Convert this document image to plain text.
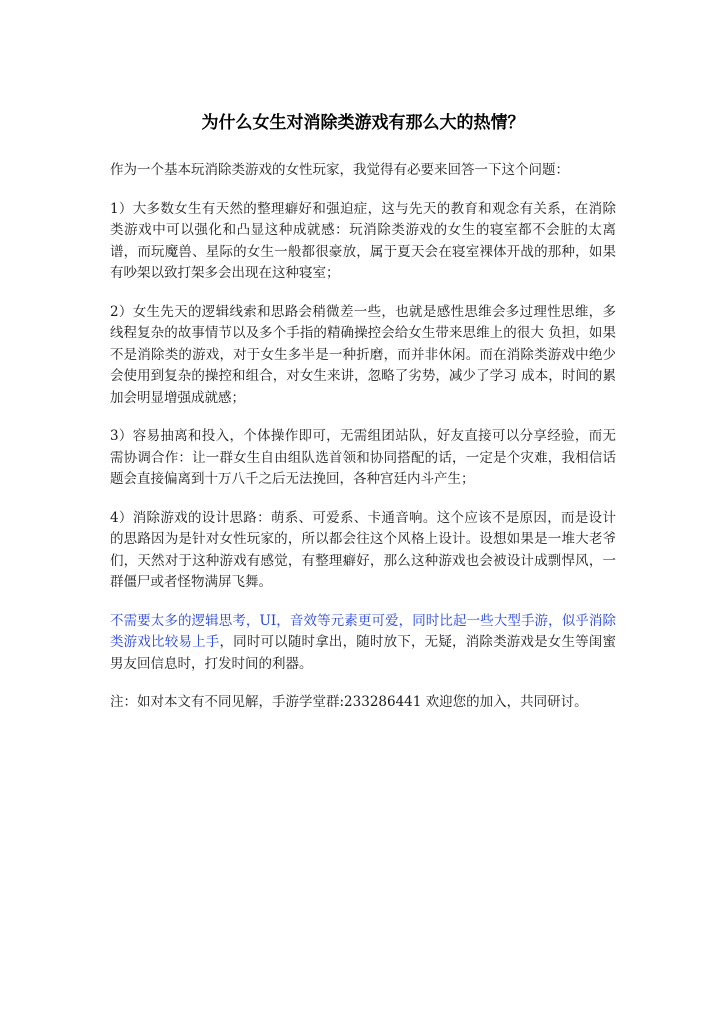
为什么女生对消除类游戏有那么大的热情？

作为一个基本玩消除类游戏的女性玩家，我觉得有必要来回答一下这个问题：

1）大多数女生有天然的整理癖好和强迫症，这与先天的教育和观念有关系，在消除类游戏中可以强化和凸显这种成就感：玩消除类游戏的女生的寝室都不会脏的太离谱，而玩魔兽、星际的女生一般都很豪放，属于夏天会在寝室裸体开战的那种，如果有吵架以致打架多会出现在这种寝室；

2）女生先天的逻辑线索和思路会稍微差一些，也就是感性思维会多过理性思维，多线程复杂的故事情节以及多个手指的精确操控会给女生带来思维上的很大 负担，如果不是消除类的游戏，对于女生多半是一种折磨，而并非休闲。而在消除类游戏中绝少会使用到复杂的操控和组合，对女生来讲，忽略了劣势，减少了学习 成本，时间的累加会明显增强成就感；

3）容易抽离和投入，个体操作即可，无需组团站队，好友直接可以分享经验，而无需协调合作：让一群女生自由组队选首领和协同搭配的话，一定是个灾难，我相信话题会直接偏离到十万八千之后无法挽回，各种宫廷内斗产生；

4）消除游戏的设计思路：萌系、可爱系、卡通音响。这个应该不是原因，而是设计的思路因为是针对女性玩家的，所以都会往这个风格上设计。设想如果是一堆大老爷们，天然对于这种游戏有感觉，有整理癖好，那么这种游戏也会被设计成剽悍风，一群僵尸或者怪物满屏飞舞。

不需要太多的逻辑思考，UI，音效等元素更可爱，同时比起一些大型手游，似乎消除类游戏比较易上手，同时可以随时拿出，随时放下，无疑，消除类游戏是女生等闺蜜男友回信息时，打发时间的利器。

注：如对本文有不同见解，手游学堂群:233286441 欢迎您的加入，共同研讨。
